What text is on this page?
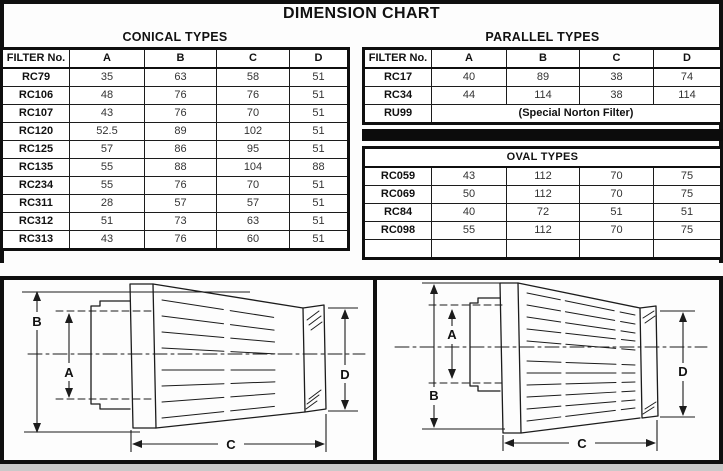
DIMENSION CHART
CONICAL TYPES	PARALLEL TYPES
FILTER No.	A	B	C	D
RC79	35	63	58	51
RC106	48	76	76	51
RC107	43	76	70	51
RC120	52.5	89	102	51
RC125	57	86	95	51
RC135	55	88	104	88
RC234	55	76	70	51
RC311	28	57	57	51
RC312	51	73	63	51
RC313	43	76	60	51
FILTER No.	A	B	C	D
RC17	40	89	38	74
RC34	44	114	38	114
RU99	(Special Norton Filter)			
OVAL TYPES				
RC059	43	112	70	75
RC069	50	112	70	75
RC84	40	72	51	51
RC098	55	112	70	75

B
A	D
C
B
A
D
C
